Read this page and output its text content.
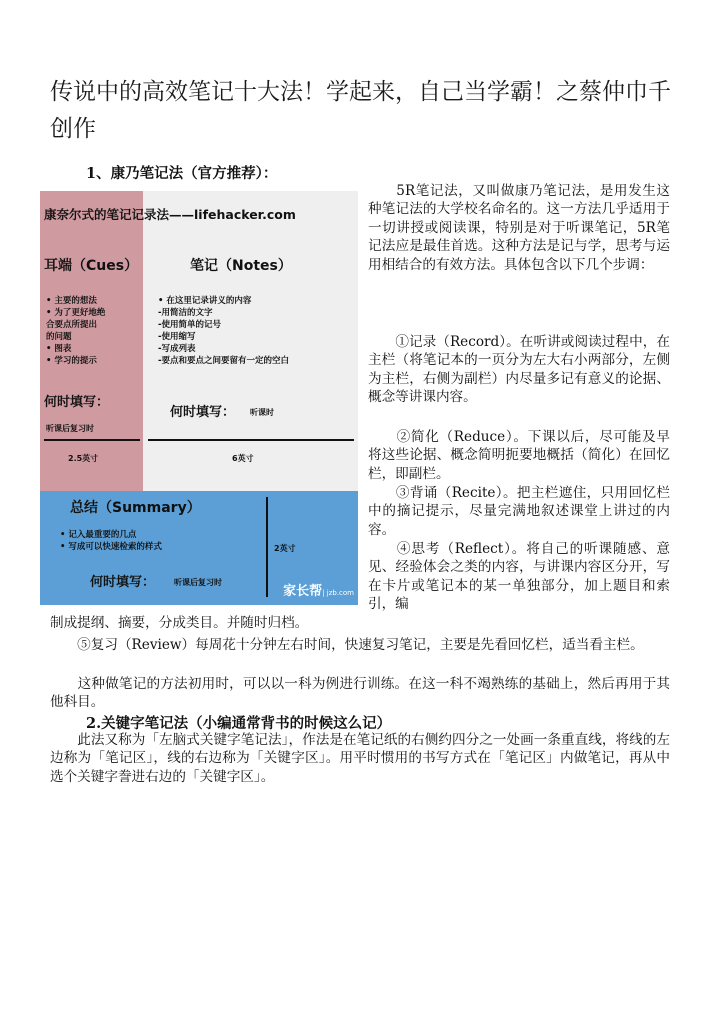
传说中的高效笔记十大法！学起来，自己当学霸！之蔡仲巾千创作
1、康乃笔记法（官方推荐）：
康奈尔式的笔记记录法——lifehacker.com
耳端（Cues）	笔记（Notes）
• 主要的想法
• 为了更好地绝
合要点所提出
的问题
• 图表
• 学习的提示
• 在这里记录讲义的内容
-用简洁的文字
-使用简单的记号
-使用缩写
-写成列表
-要点和要点之间要留有一定的空白
何时填写：
听课后复习时
何时填写： 听课时
2.5英寸	6英寸
总结（Summary）
• 记入最重要的几点
• 写成可以快速检索的样式	2英寸
何时填写： 听课后复习时
家长帮| jzb.com
　　5R笔记法，又叫做康乃笔记法，是用发生这种笔记法的大学校名命名的。这一方法几乎适用于一切讲授或阅读课，特别是对于听课笔记，5R笔记法应是最佳首选。这种方法是记与学，思考与运用相结合的有效方法。具体包含以下几个步调：
　　①记录（Record）。在听讲或阅读过程中，在主栏（将笔记本的一页分为左大右小两部分，左侧为主栏，右侧为副栏）内尽量多记有意义的论据、概念等讲课内容。
　　②简化（Reduce）。下课以后，尽可能及早将这些论据、概念简明扼要地概括（简化）在回忆栏，即副栏。
　　③背诵（Recite）。把主栏遮住，只用回忆栏中的摘记提示，尽量完满地叙述课堂上讲过的内容。
　　④思考（Reflect）。将自己的听课随感、意见、经验体会之类的内容，与讲课内容区分开，写在卡片或笔记本的某一单独部分，加上题目和索引，编
制成提纲、摘要，分成类目。并随时归档。
　　⑤复习（Review）每周花十分钟左右时间，快速复习笔记，主要是先看回忆栏，适当看主栏。
　　这种做笔记的方法初用时，可以以一科为例进行训练。在这一科不竭熟练的基础上，然后再用于其他科目。
2.关键字笔记法（小编通常背书的时候这么记）
　　此法又称为「左脑式关键字笔记法」，作法是在笔记纸的右侧约四分之一处画一条重直线，将线的左边称为「笔记区」，线的右边称为「关键字区」。用平时惯用的书写方式在「笔记区」内做笔记，再从中选个关键字誊进右边的「关键字区」。
